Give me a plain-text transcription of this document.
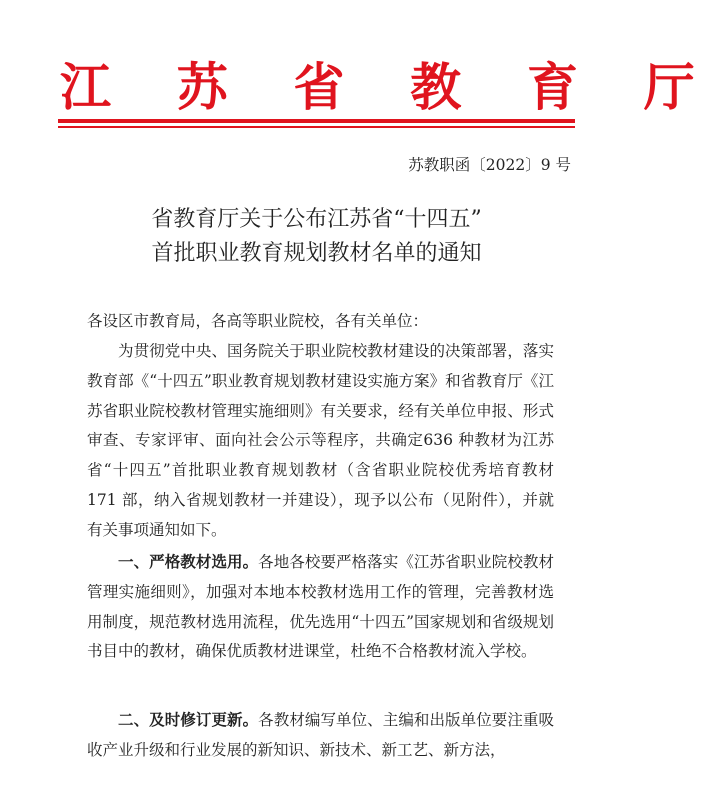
江 苏 省 教 育 厅
苏教职函〔2022〕9 号
省教育厅关于公布江苏省“十四五”
首批职业教育规划教材名单的通知
各设区市教育局，各高等职业院校，各有关单位：

为贯彻党中央、国务院关于职业院校教材建设的决策部署，落实教育部《“十四五”职业教育规划教材建设实施方案》和省教育厅《江苏省职业院校教材管理实施细则》有关要求，经有关单位申报、形式审查、专家评审、面向社会公示等程序，共确定636 种教材为江苏省“十四五”首批职业教育规划教材（含省职业院校优秀培育教材 171 部，纳入省规划教材一并建设），现予以公布（见附件），并就有关事项通知如下。

一、严格教材选用。各地各校要严格落实《江苏省职业院校教材管理实施细则》，加强对本地本校教材选用工作的管理，完善教材选用制度，规范教材选用流程，优先选用“十四五”国家规划和省级规划书目中的教材，确保优质教材进课堂，杜绝不合格教材流入学校。

二、及时修订更新。各教材编写单位、主编和出版单位要注重吸收产业升级和行业发展的新知识、新技术、新工艺、新方法，
